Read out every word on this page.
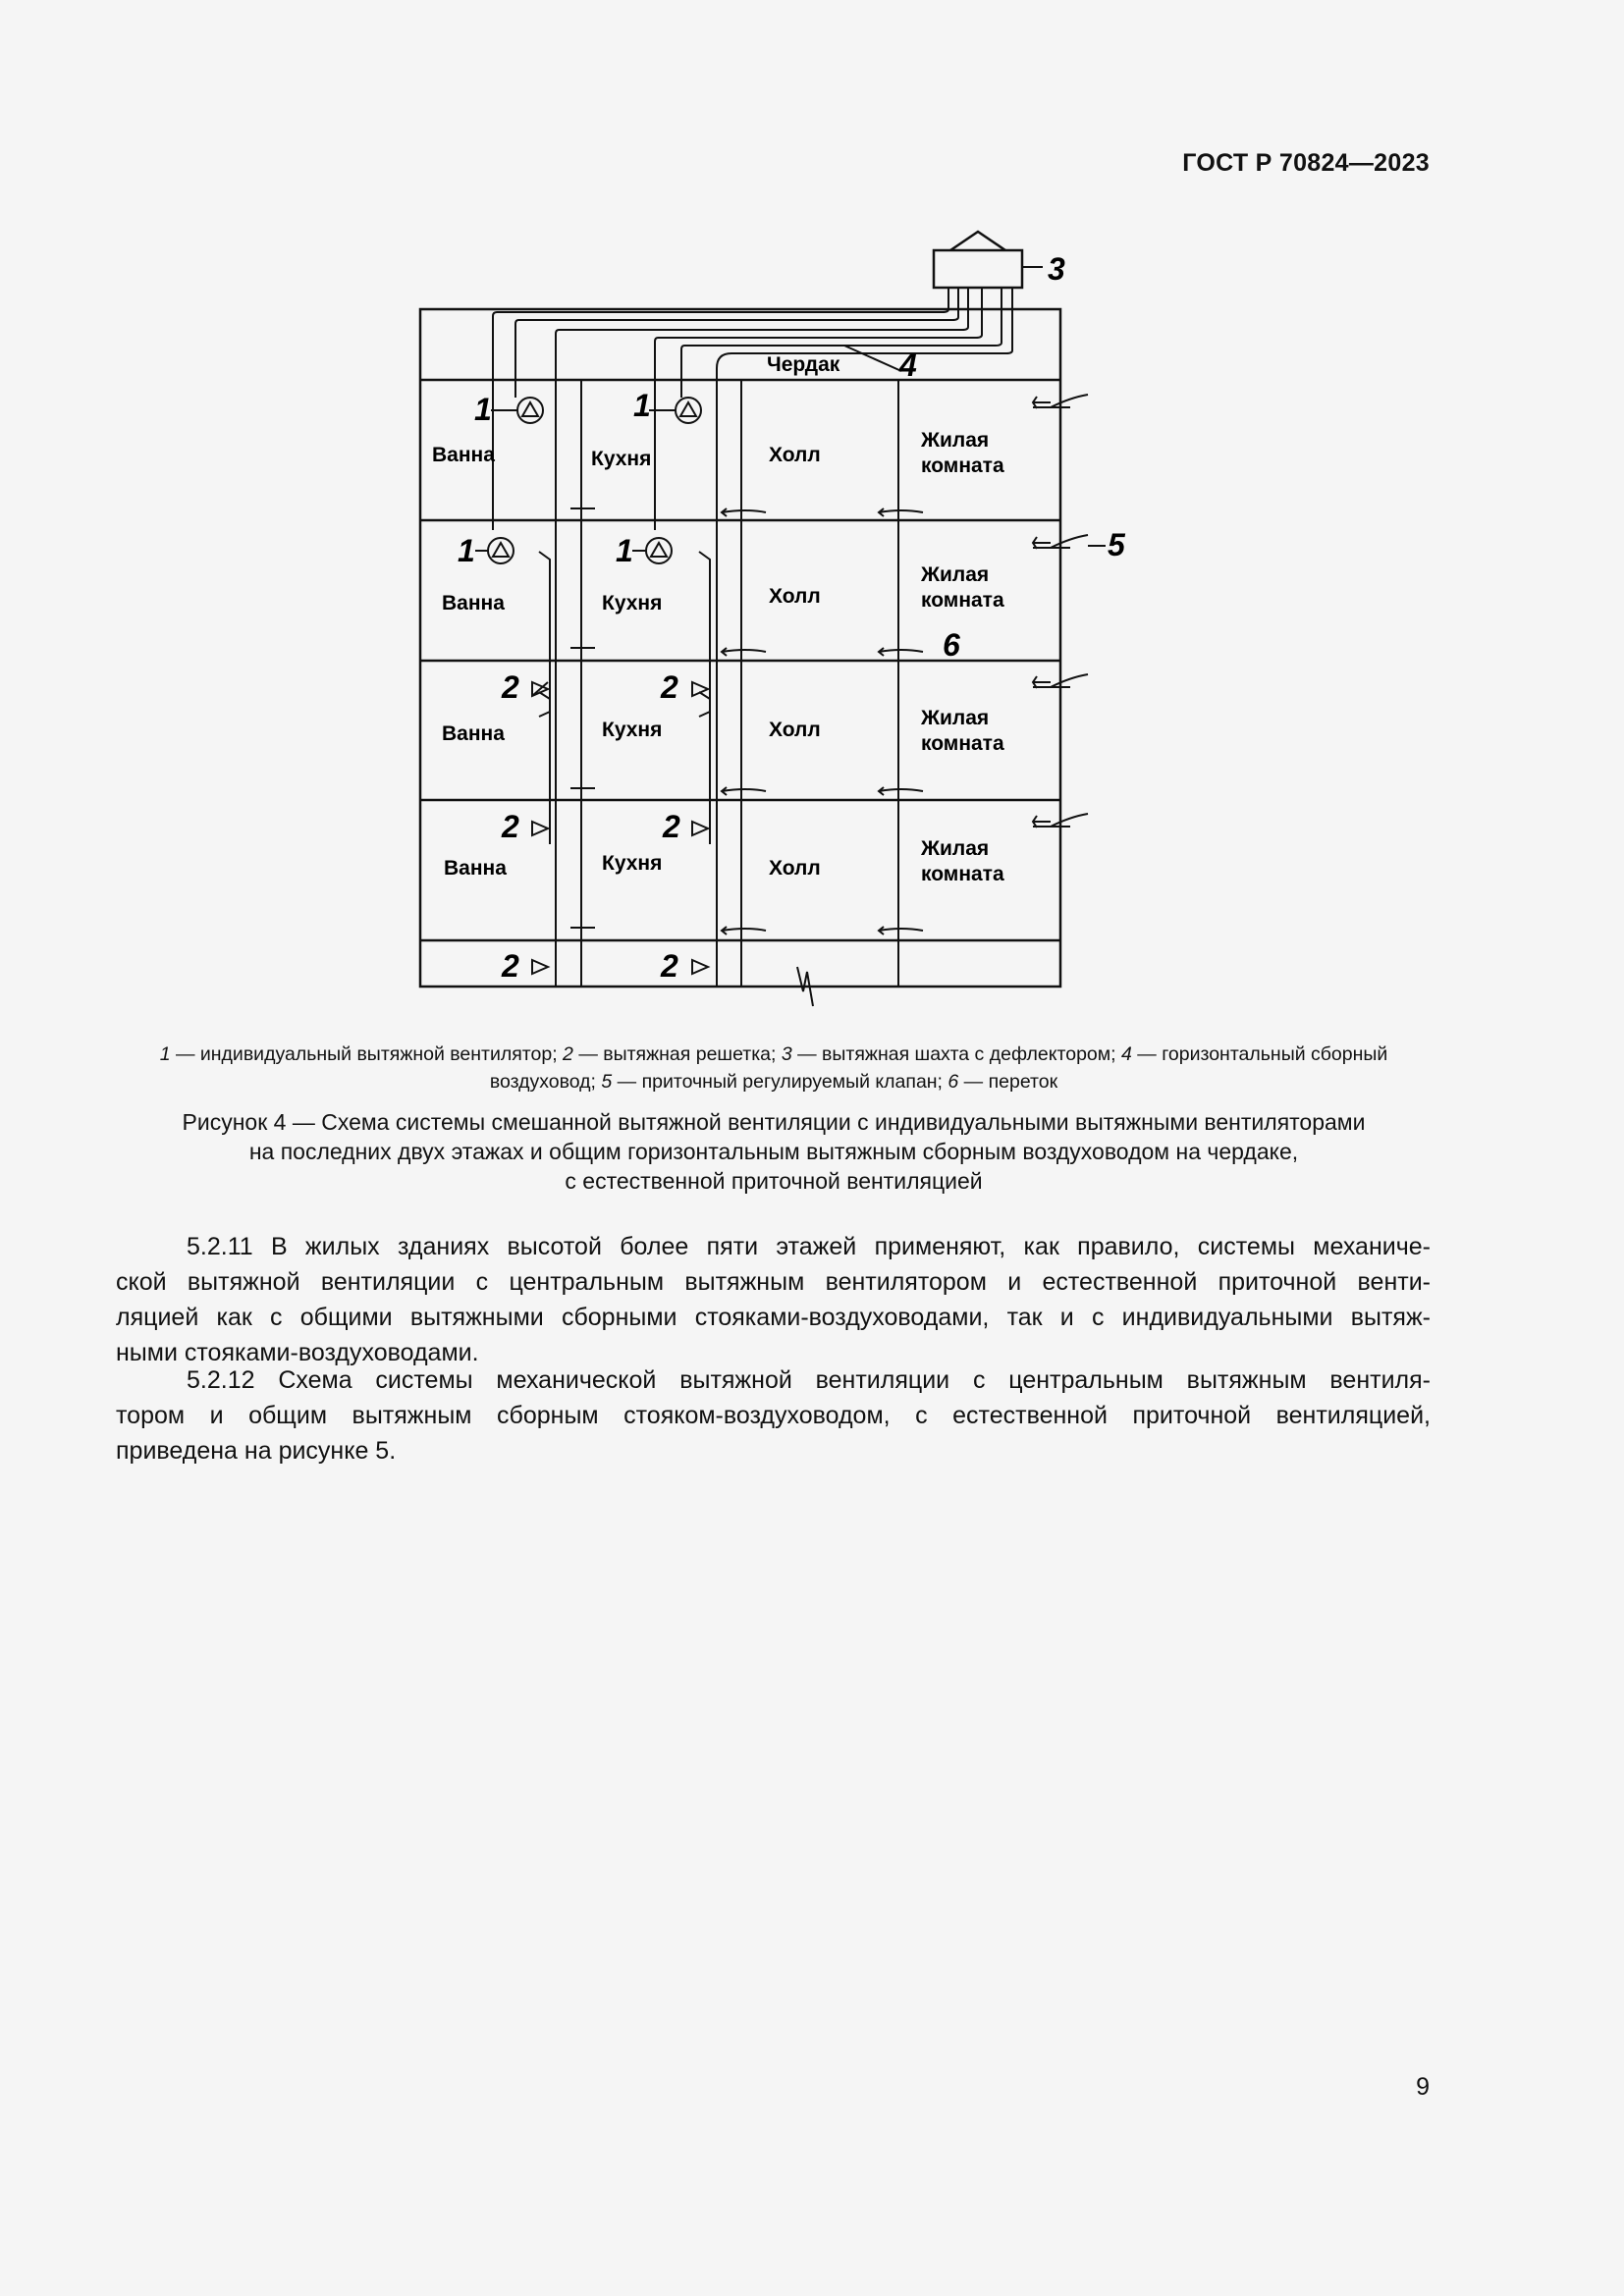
ГОСТ Р 70824—2023
3
4
5
6
1	1
1	1
2	2
2	2
2	2
Чердак
Ванна	Кухня	Холл
Жилая
комната
Ванна	Кухня	Холл
Жилая
комната
Ванна	Кухня	Холл
Жилая
комната
Ванна	Кухня	Холл
Жилая
комната
1 — индивидуальный вытяжной вентилятор; 2 — вытяжная решетка; 3 — вытяжная шахта с дефлектором; 4 — горизонтальный сборный воздуховод; 5 — приточный регулируемый клапан; 6 — переток
Рисунок 4 — Схема системы смешанной вытяжной вентиляции с индивидуальными вытяжными вентиляторами
на последних двух этажах и общим горизонтальным вытяжным сборным воздуховодом на чердаке,
с естественной приточной вентиляцией
5.2.11 В жилых зданиях высотой более пяти этажей применяют, как правило, системы механиче-
ской вытяжной вентиляции с центральным вытяжным вентилятором и естественной приточной венти-
ляцией как с общими вытяжными сборными стояками-воздуховодами, так и с индивидуальными вытяж-
ными стояками-воздуховодами.
5.2.12 Схема системы механической вытяжной вентиляции с центральным вытяжным вентиля-
тором и общим вытяжным сборным стояком-воздуховодом, с естественной приточной вентиляцией,
приведена на рисунке 5.
9
